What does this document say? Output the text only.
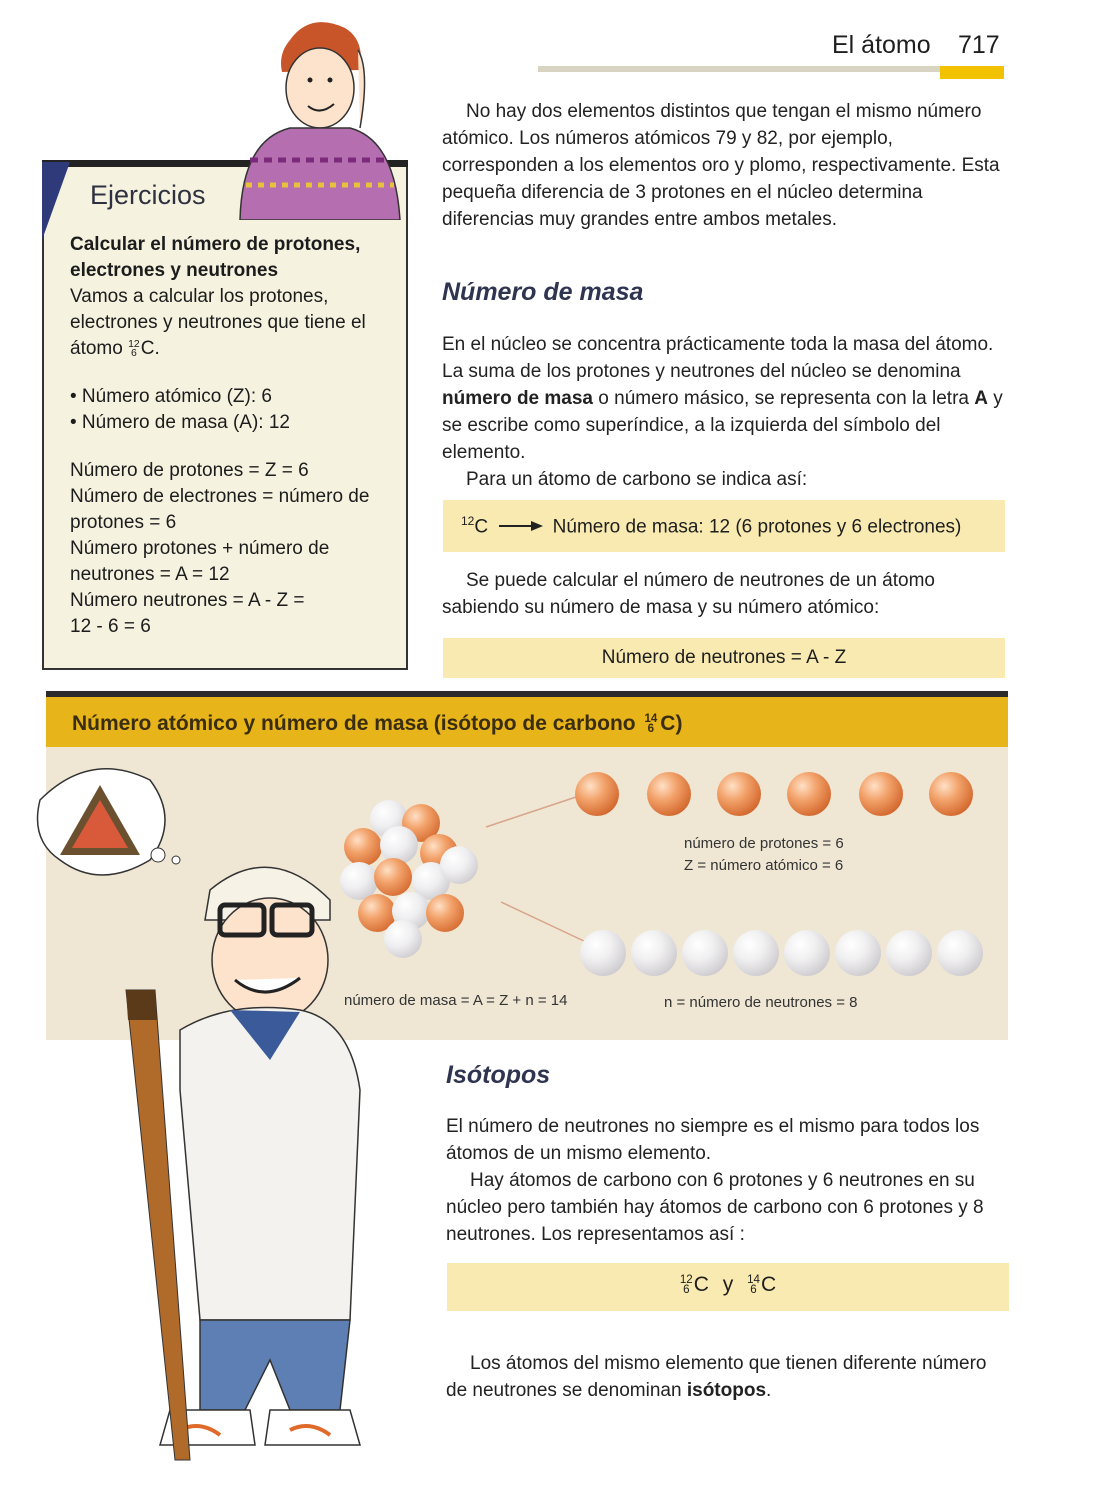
El átomo 717

No hay dos elementos distintos que tengan el mismo número atómico. Los números atómicos 79 y 82, por ejemplo, corresponden a los elementos oro y plomo, respectivamente. Esta pequeña diferencia de 3 protones en el núcleo determina diferencias muy grandes entre ambos metales.

Número de masa

En el núcleo se concentra prácticamente toda la masa del átomo. La suma de los protones y neutrones del núcleo se denomina número de masa o número másico, se representa con la letra A y se escribe como superíndice, a la izquierda del símbolo del elemento.

Para un átomo de carbono se indica así:

$^{12}$C	Número de masa: 12 (6 protones y 6 electrones)

Se puede calcular el número de neutrones de un átomo sabiendo su número de masa y su número atómico:

Número de neutrones = A - Z
Ejercicios
Calcular el número de protones, electrones y neutrones
Vamos a calcular los protones, electrones y neutrones que tiene el átomo 12
6 C.
• Número atómico (Z): 6
• Número de masa (A): 12
Número de protones = Z = 6
Número de electrones = número de protones = 6
Número protones + número de neutrones = A = 12
Número neutrones = A - Z =
12 - 6 = 6
Número atómico y número de masa (isótopo de carbono 14
6 C)
número de protones = 6
Z = número atómico = 6
número de masa = A = Z + n = 14	n = número de neutrones = 8
Isótopos

El número de neutrones no siempre es el mismo para todos los átomos de un mismo elemento.

Hay átomos de carbono con 6 protones y 6 neutrones en su núcleo pero también hay átomos de carbono con 6 protones y 8 neutrones. Los representamos así :

12
6 C y 14
6 C

Los átomos del mismo elemento que tienen diferente número de neutrones se denominan isótopos.
